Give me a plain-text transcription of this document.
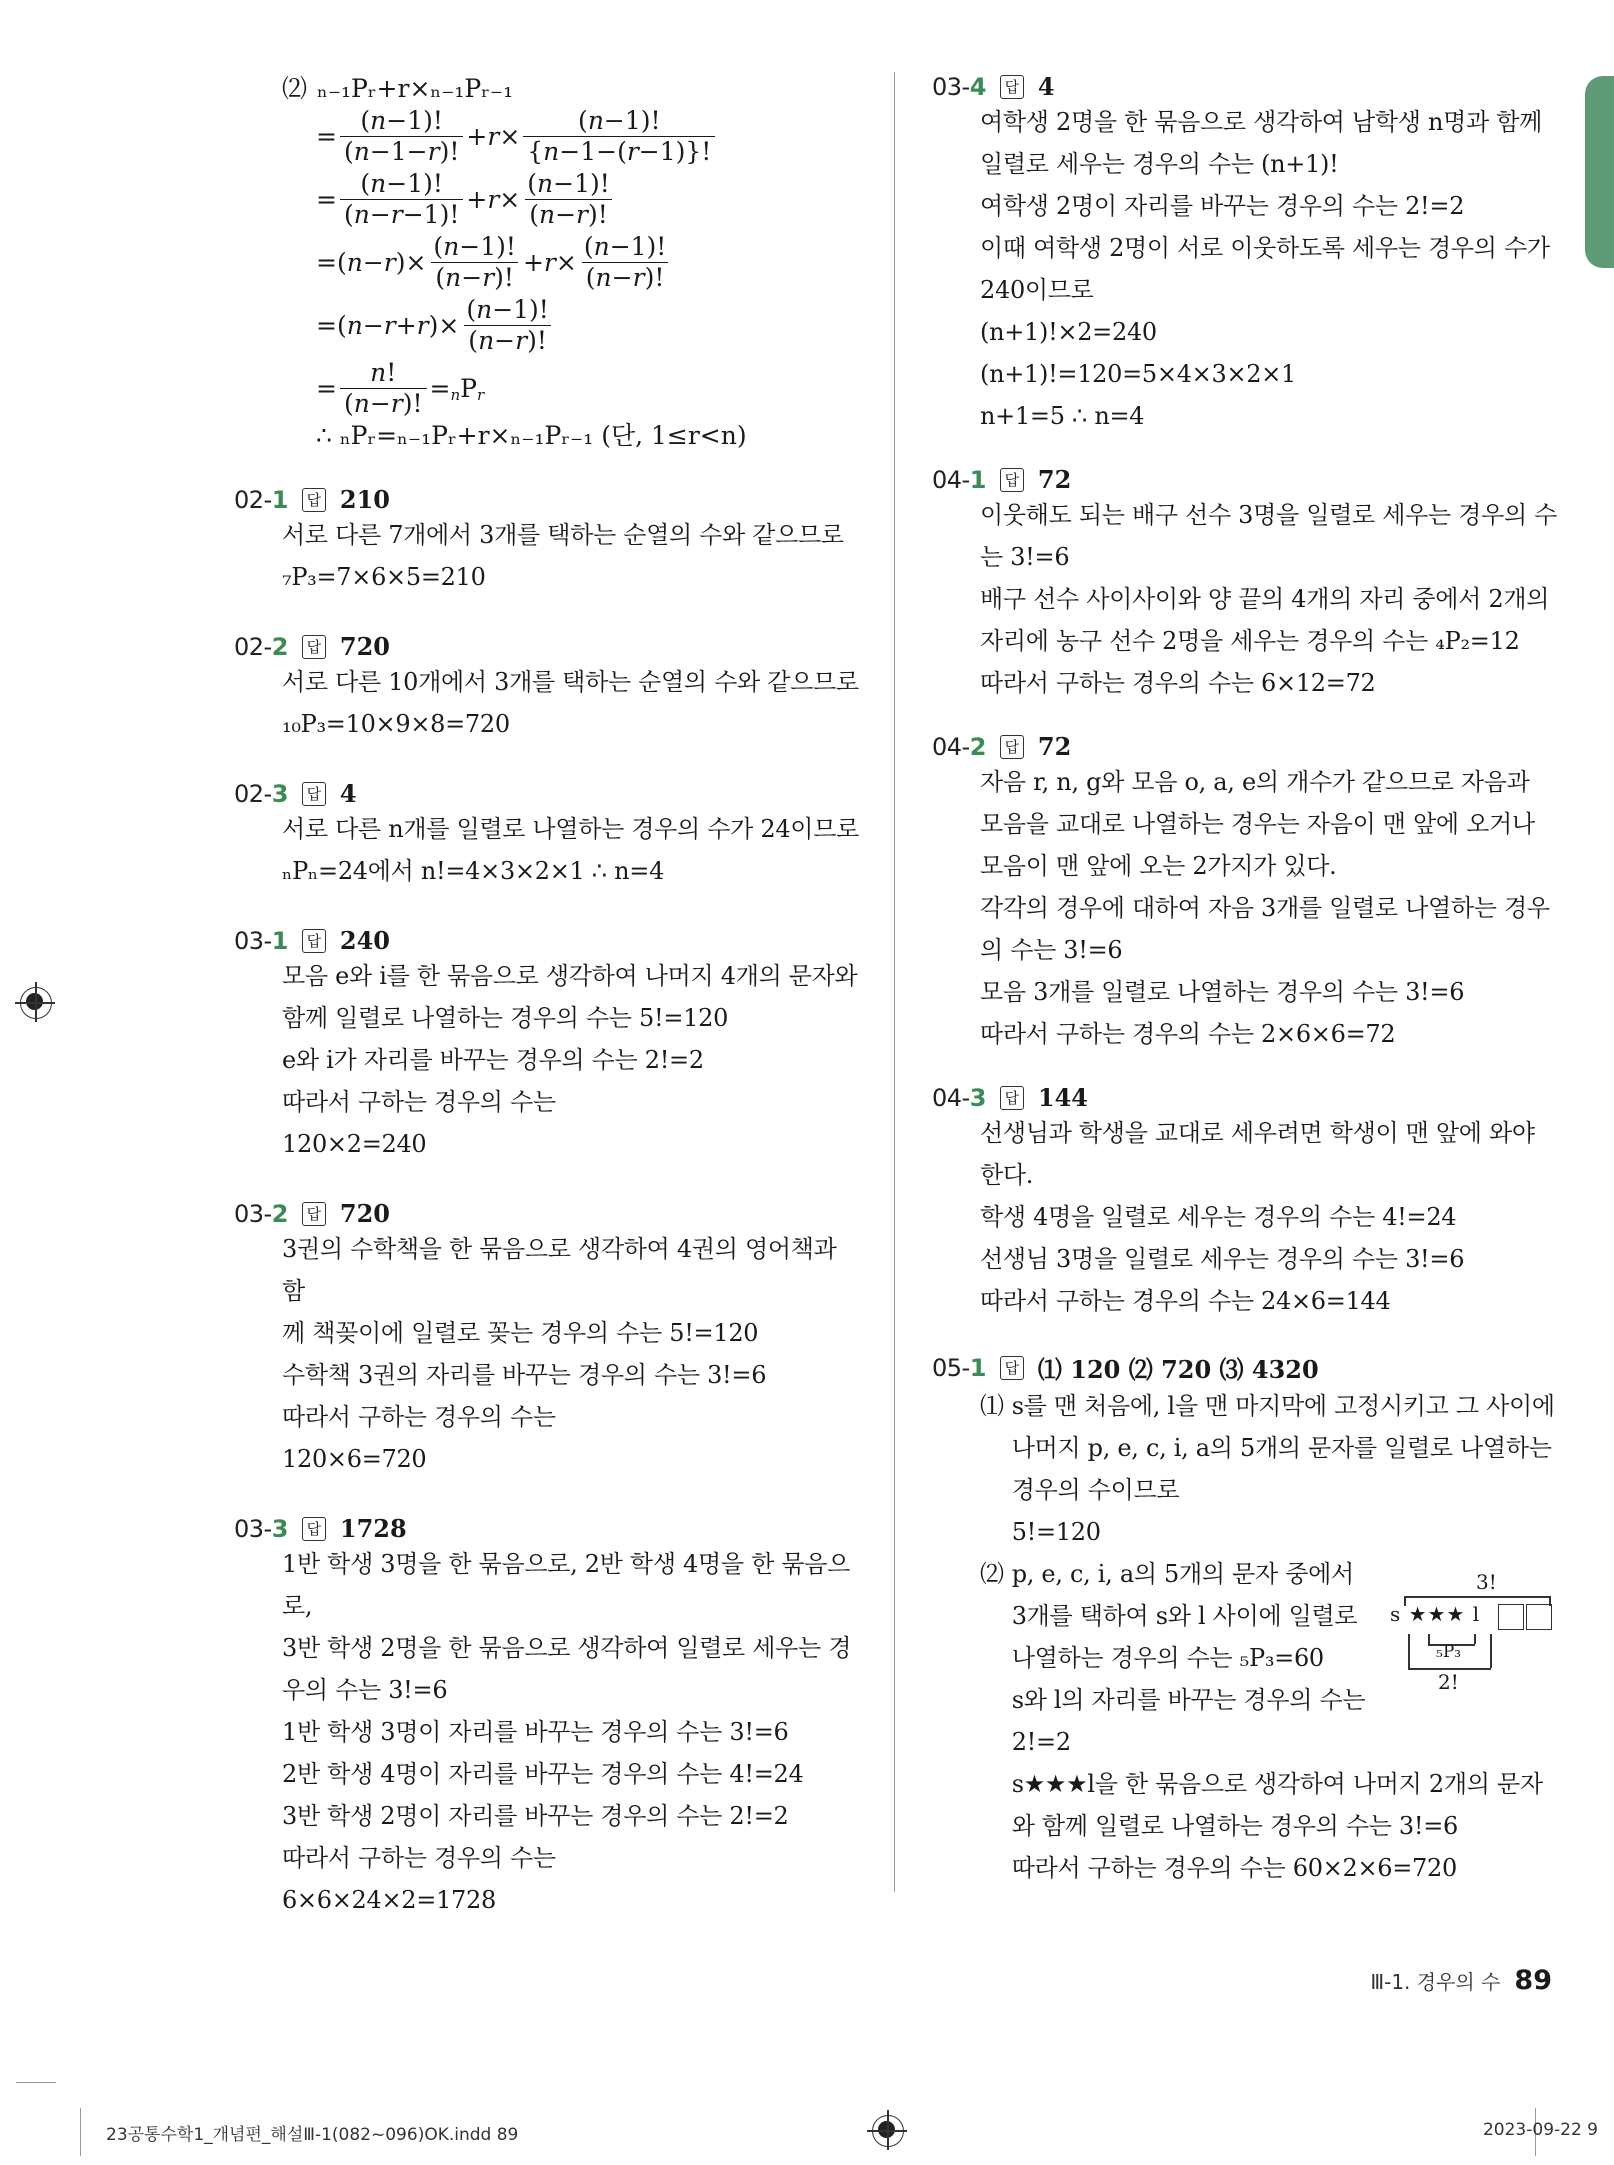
⑵ ₙ₋₁Pᵣ+r×ₙ₋₁Pᵣ₋₁
= $\frac{(n-1)!}{(n-1-r)!} + r \times \frac{(n-1)!}{\{n-1-(r-1)\}!}$
= $\frac{(n-1)!}{(n-r-1)!} + r \times \frac{(n-1)!}{(n-r)!}$
=( n − r )× $\frac{(n-1)!}{(n-r)!} + r \times \frac{(n-1)!}{(n-r)!}$
=( n − r + r )× $\frac{(n-1)!}{(n-r)!}$
= $\frac{n!}{(n-r)!} = n$ P r
∴ ₙPᵣ=ₙ₋₁Pᵣ+r×ₙ₋₁Pᵣ₋₁ (단, 1≤r<n)
02-1	답 210

서로 다른 7개에서 3개를 택하는 순열의 수와 같으므로

₇P₃=7×6×5=210

02-2	답 720

서로 다른 10개에서 3개를 택하는 순열의 수와 같으므로

₁₀P₃=10×9×8=720

02-3	답 4

서로 다른 n개를 일렬로 나열하는 경우의 수가 24이므로

ₙPₙ=24에서 n!=4×3×2×1 ∴ n=4

03-1	답 240

모음 e와 i를 한 묶음으로 생각하여 나머지 4개의 문자와

함께 일렬로 나열하는 경우의 수는 5!=120

e와 i가 자리를 바꾸는 경우의 수는 2!=2

따라서 구하는 경우의 수는

120×2=240

03-2	답 720

3권의 수학책을 한 묶음으로 생각하여 4권의 영어책과 함

께 책꽂이에 일렬로 꽂는 경우의 수는 5!=120

수학책 3권의 자리를 바꾸는 경우의 수는 3!=6

따라서 구하는 경우의 수는

120×6=720

03-3	답 1728

1반 학생 3명을 한 묶음으로, 2반 학생 4명을 한 묶음으로,

3반 학생 2명을 한 묶음으로 생각하여 일렬로 세우는 경

우의 수는 3!=6

1반 학생 3명이 자리를 바꾸는 경우의 수는 3!=6

2반 학생 4명이 자리를 바꾸는 경우의 수는 4!=24

3반 학생 2명이 자리를 바꾸는 경우의 수는 2!=2

따라서 구하는 경우의 수는

6×6×24×2=1728

03-4	답 4

여학생 2명을 한 묶음으로 생각하여 남학생 n명과 함께

일렬로 세우는 경우의 수는 (n+1)!

여학생 2명이 자리를 바꾸는 경우의 수는 2!=2

이때 여학생 2명이 서로 이웃하도록 세우는 경우의 수가

240이므로

(n+1)!×2=240

(n+1)!=120=5×4×3×2×1

n+1=5 ∴ n=4

04-1	답 72

이웃해도 되는 배구 선수 3명을 일렬로 세우는 경우의 수

는 3!=6

배구 선수 사이사이와 양 끝의 4개의 자리 중에서 2개의

자리에 농구 선수 2명을 세우는 경우의 수는 ₄P₂=12

따라서 구하는 경우의 수는 6×12=72

04-2	답 72

자음 r, n, g와 모음 o, a, e의 개수가 같으므로 자음과

모음을 교대로 나열하는 경우는 자음이 맨 앞에 오거나

모음이 맨 앞에 오는 2가지가 있다.

각각의 경우에 대하여 자음 3개를 일렬로 나열하는 경우

의 수는 3!=6

모음 3개를 일렬로 나열하는 경우의 수는 3!=6

따라서 구하는 경우의 수는 2×6×6=72

04-3	답 144

선생님과 학생을 교대로 세우려면 학생이 맨 앞에 와야

한다.

학생 4명을 일렬로 세우는 경우의 수는 4!=24

선생님 3명을 일렬로 세우는 경우의 수는 3!=6

따라서 구하는 경우의 수는 24×6=144

05-1	답 ⑴ 120 ⑵ 720 ⑶ 4320
⑴ s를 맨 처음에, l을 맨 마지막에 고정시키고 그 사이에

나머지 p, e, c, i, a의 5개의 문자를 일렬로 나열하는

경우의 수이므로

5!=120

⑵ p, e, c, i, a의 5개의 문자 중에서

3개를 택하여 s와 l 사이에 일렬로

나열하는 경우의 수는 ₅P₃=60

s와 l의 자리를 바꾸는 경우의 수는

2!=2

s★★★l을 한 묶음으로 생각하여 나머지 2개의 문자

와 함께 일렬로 나열하는 경우의 수는 3!=6

따라서 구하는 경우의 수는 60×2×6=720

3!
s ★★★ l
₅P₃
2!
Ⅲ-1. 경우의 수 89
23공통수학1_개념편_해설Ⅲ-1(082~096)OK.indd 89	2023-09-22 9
